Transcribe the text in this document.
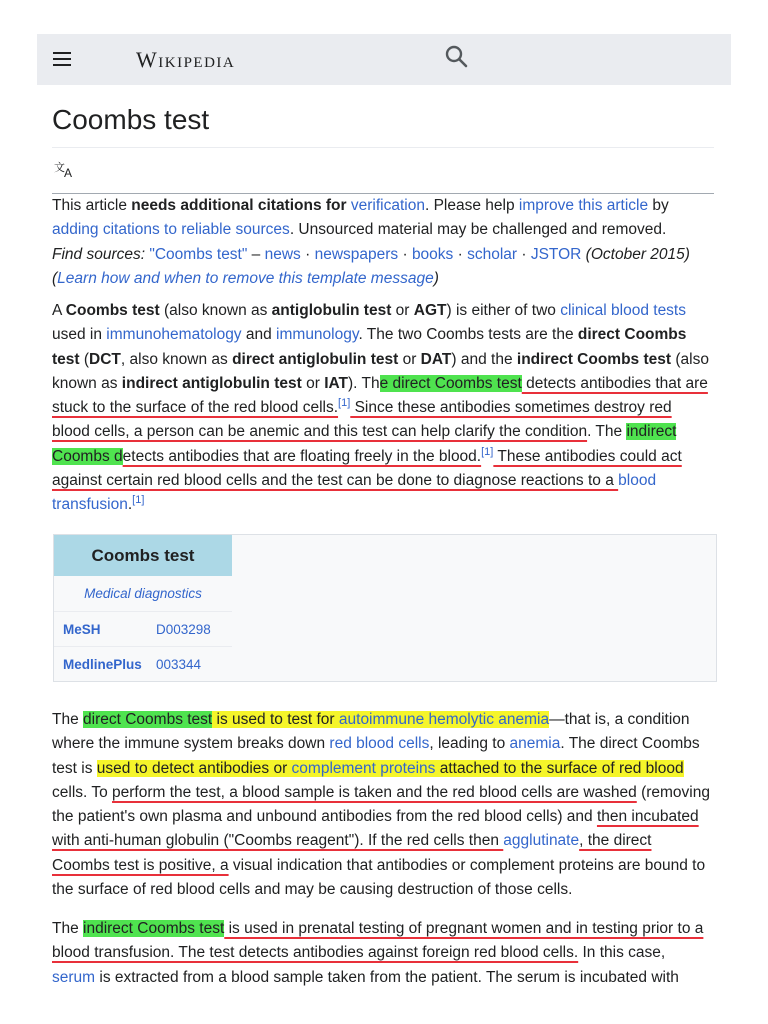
Wikipedia
Coombs test
文 A
This article needs additional citations for verification. Please help improve this article by adding citations to reliable sources. Unsourced material may be challenged and removed.
Find sources: "Coombs test" – news · newspapers · books · scholar · JSTOR (October 2015)
(Learn how and when to remove this template message)
A Coombs test (also known as antiglobulin test or AGT) is either of two clinical blood tests used in immunohematology and immunology. The two Coombs tests are the direct Coombs test (DCT, also known as direct antiglobulin test or DAT) and the indirect Coombs test (also known as indirect antiglobulin test or IAT). The direct Coombs test detects antibodies that are stuck to the surface of the red blood cells.[1] Since these antibodies sometimes destroy red blood cells, a person can be anemic and this test can help clarify the condition. The indirect Coombs detects antibodies that are floating freely in the blood.[1] These antibodies could act against certain red blood cells and the test can be done to diagnose reactions to a blood transfusion.[1]
Coombs test
Medical diagnostics
MeSH	D003298
MedlinePlus	003344
The direct Coombs test is used to test for autoimmune hemolytic anemia—that is, a condition where the immune system breaks down red blood cells, leading to anemia. The direct Coombs test is used to detect antibodies or complement proteins attached to the surface of red blood cells. To perform the test, a blood sample is taken and the red blood cells are washed (removing the patient's own plasma and unbound antibodies from the red blood cells) and then incubated with anti-human globulin ("Coombs reagent"). If the red cells then agglutinate, the direct Coombs test is positive, a visual indication that antibodies or complement proteins are bound to the surface of red blood cells and may be causing destruction of those cells.
The indirect Coombs test is used in prenatal testing of pregnant women and in testing prior to a blood transfusion. The test detects antibodies against foreign red blood cells. In this case, serum is extracted from a blood sample taken from the patient. The serum is incubated with
